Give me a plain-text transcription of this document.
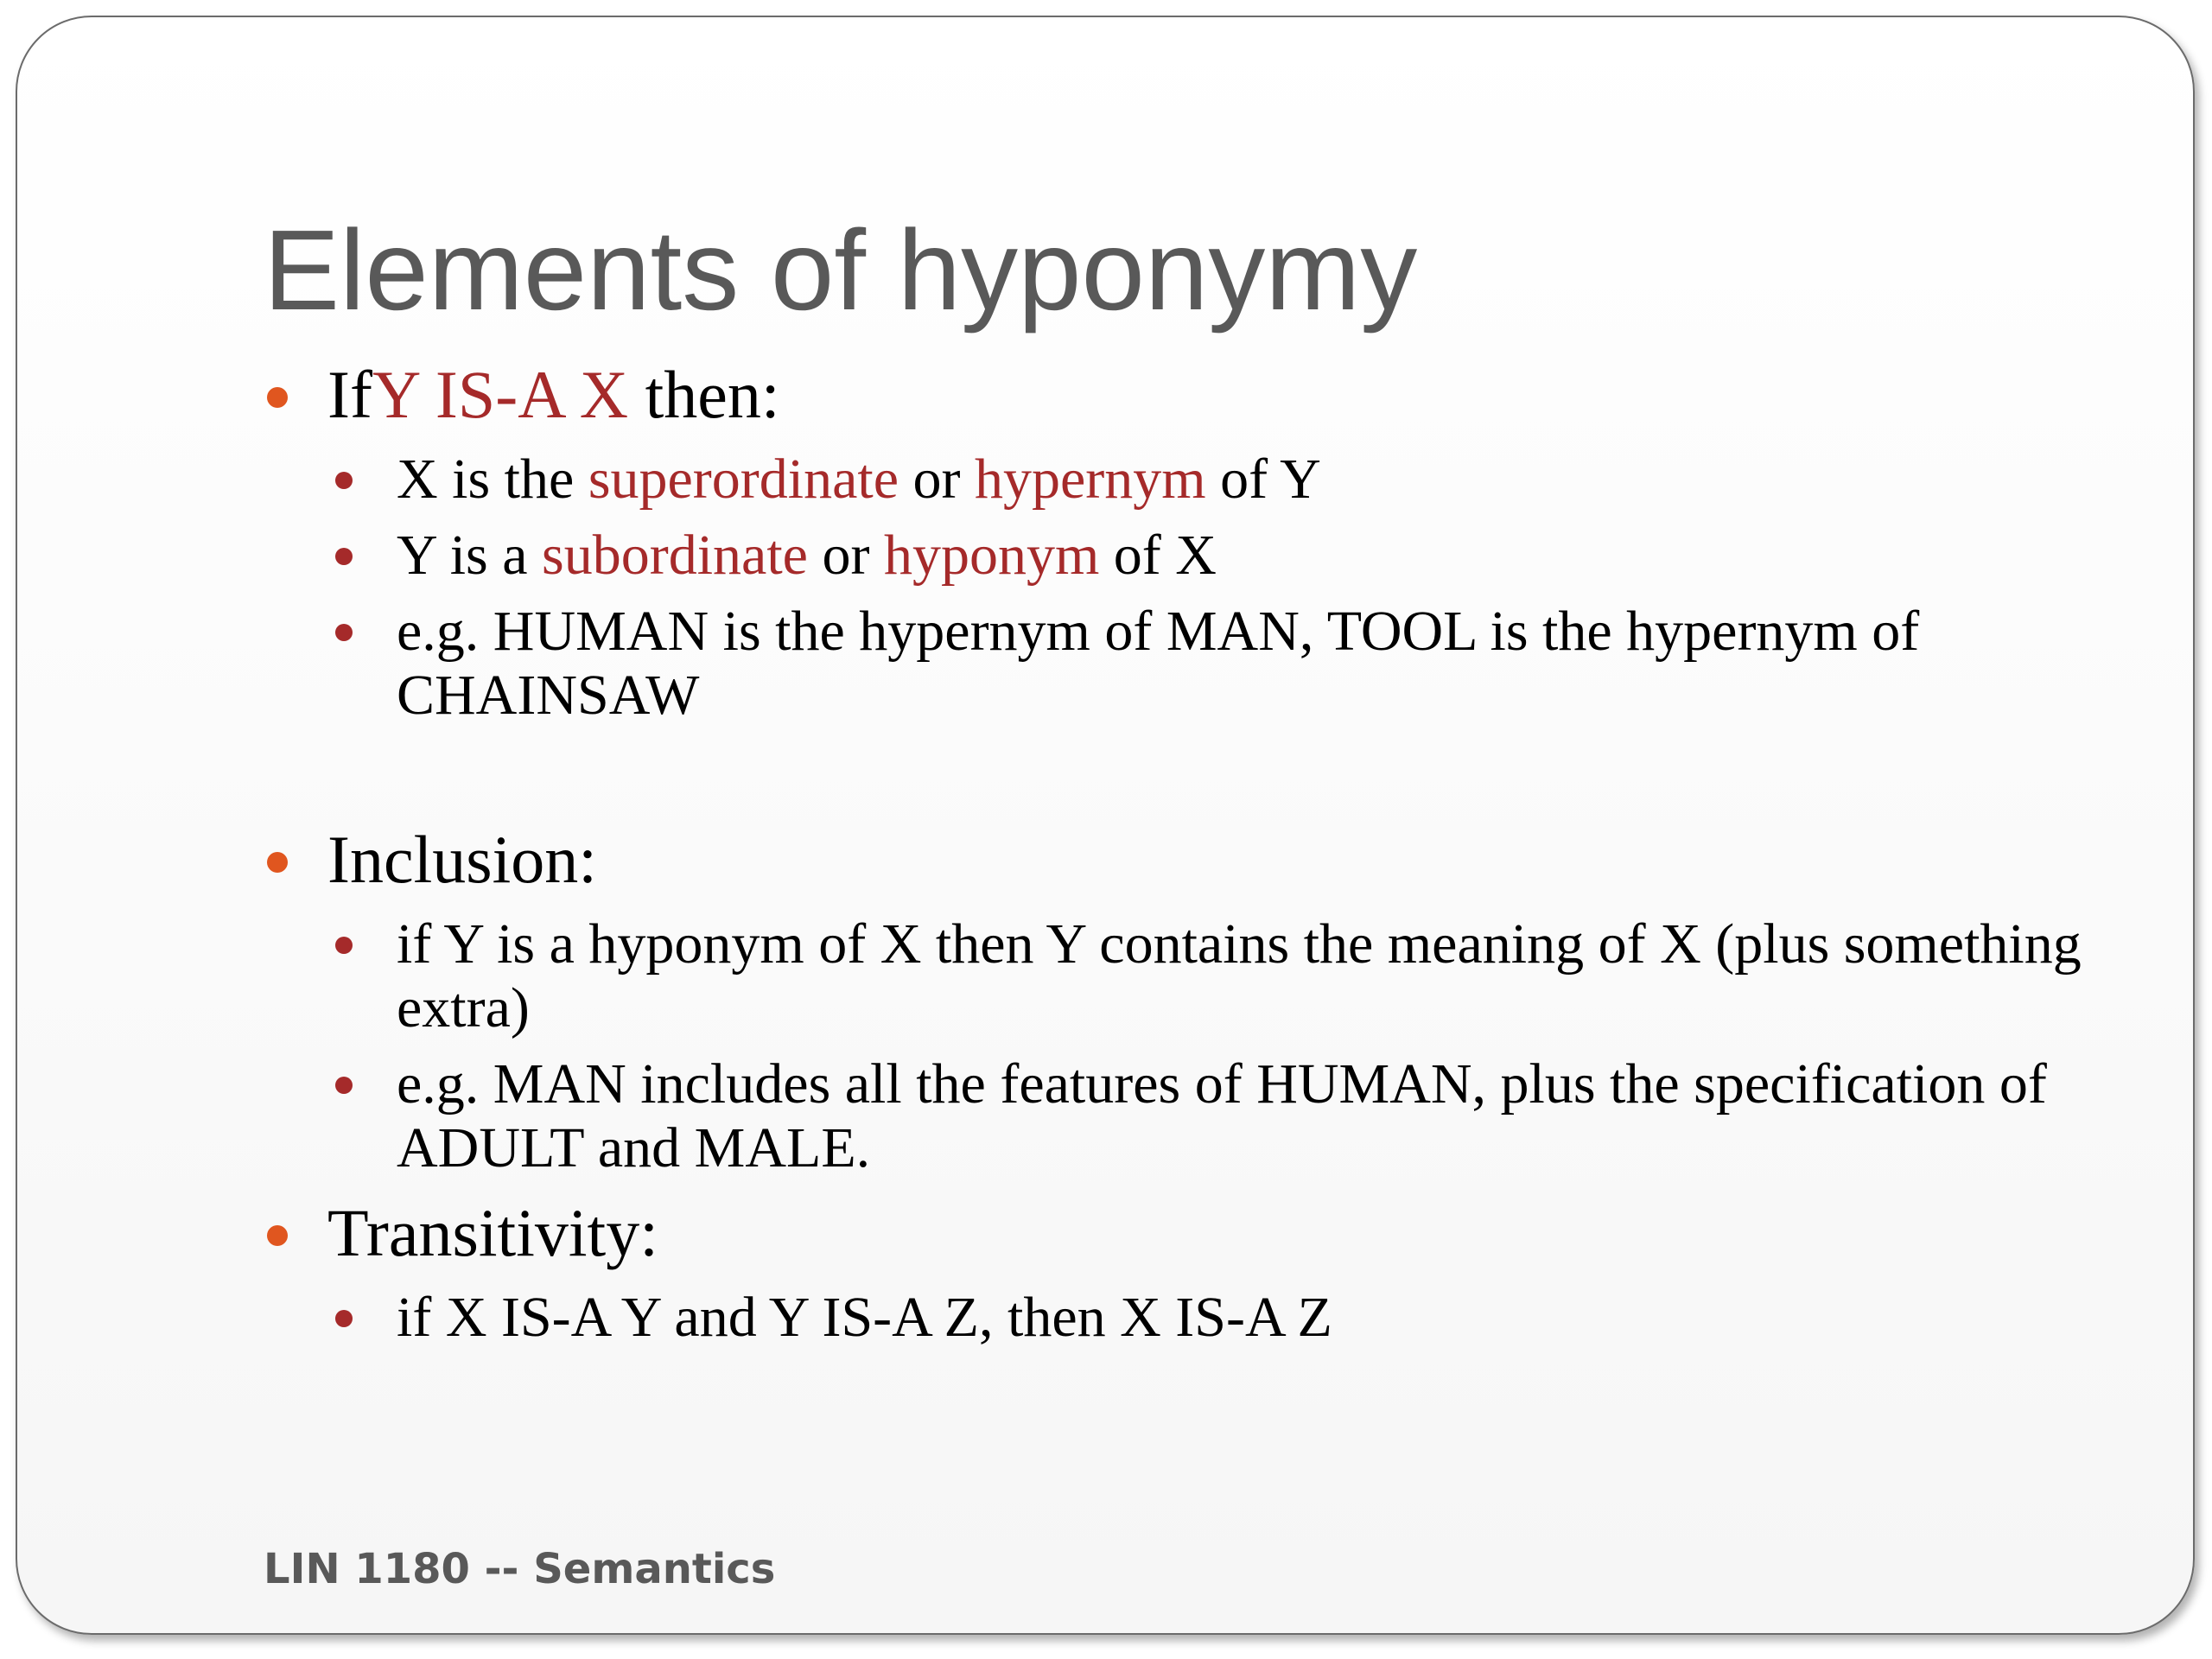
Elements of hyponymy
IfY IS-A X then:
X is the superordinate or hypernym of Y
Y is a subordinate or hyponym of X
e.g. HUMAN is the hypernym of MAN, TOOL is the hypernym of CHAINSAW
Inclusion:
if Y is a hyponym of X then Y contains the meaning of X (plus something extra)
e.g. MAN includes all the features of HUMAN, plus the specification of ADULT and MALE.
Transitivity:
if X IS-A Y and Y IS-A Z, then X IS-A Z
LIN 1180 -- Semantics
